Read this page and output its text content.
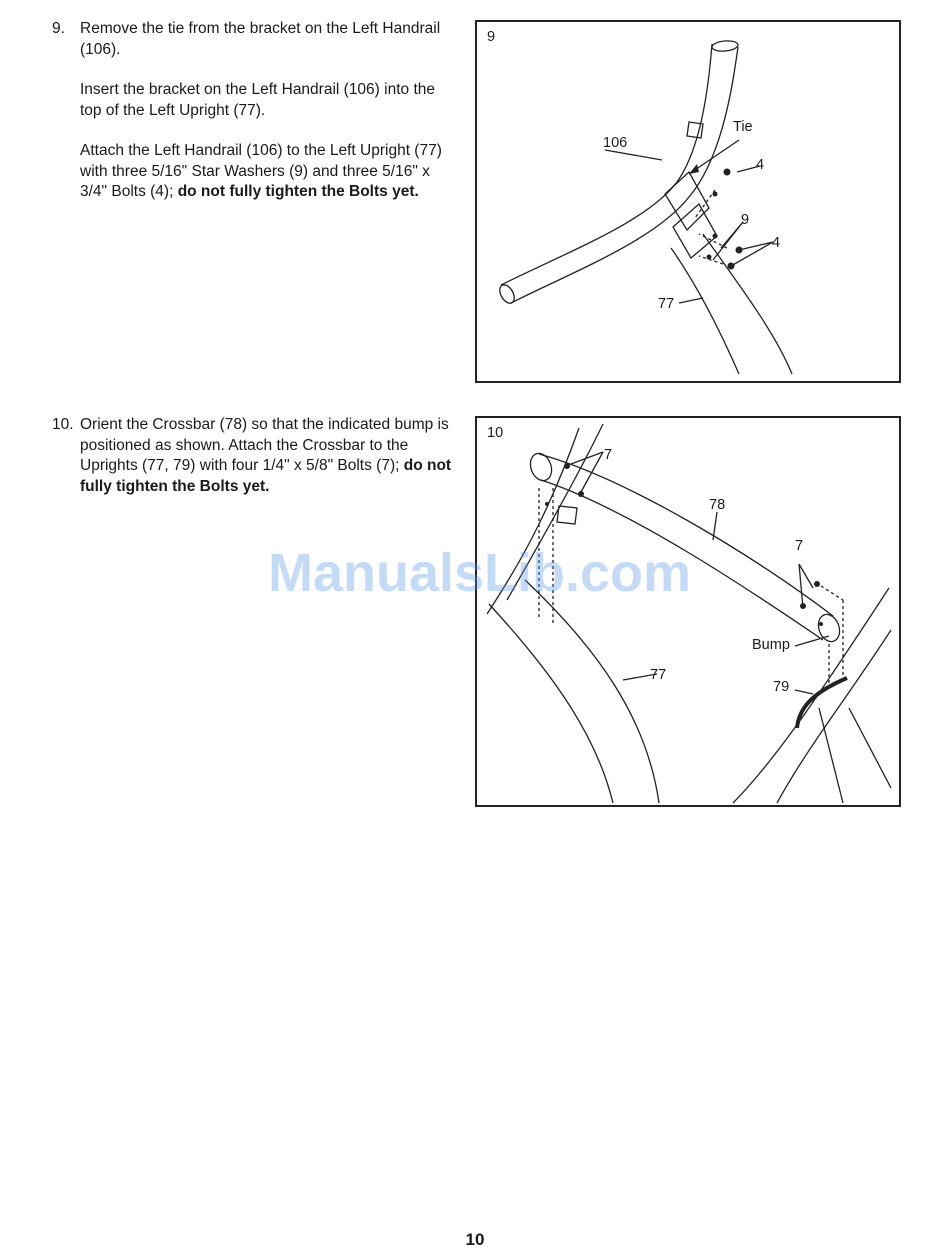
9. Remove the tie from the bracket on the Left Handrail (106).

Insert the bracket on the Left Handrail (106) into the top of the Left Upright (77).

Attach the Left Handrail (106) to the Left Upright (77) with three 5/16" Star Washers (9) and three 5/16" x 3/4" Bolts (4); do not fully tighten the Bolts yet.

10. Orient the Crossbar (78) so that the indicated bump is positioned as shown. Attach the Crossbar to the Uprights (77, 79) with four 1/4" x 5/8" Bolts (7); do not fully tighten the Bolts yet.

9
Tie
106
4
9
4
77
10
7
78
7
Bump
77
79
ManualsLib.com
10
